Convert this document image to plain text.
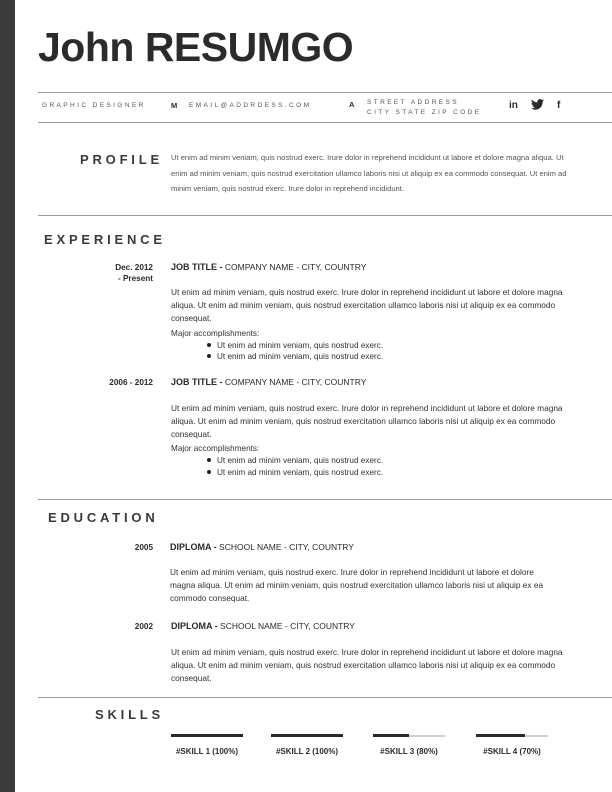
John RESUMGO
GRAPHIC DESIGNER	M EMAIL@ADDRDESS.COM	A STREET ADDRESS
CITY STATE ZIP CODE
in	f
PROFILE Ut enim ad minim veniam, quis nostrud exerc. Irure dolor in reprehend incididunt ut labore et dolore magna aliqua. Ut enim ad minim veniam, quis nostrud exercitation ullamco laboris nisi ut aliquip ex ea commodo consequat. Ut enim ad minim veniam, quis nostrud exerc. Irure dolor in reprehend incididunt.

EXPERIENCE
Dec. 2012
- Present
JOB TITLE - COMPANY NAME - CITY, COUNTRY

Ut enim ad minim veniam, quis nostrud exerc. Irure dolor in reprehend incididunt ut labore et dolore magna aliqua. Ut enim ad minim veniam, quis nostrud exercitation ullamco laboris nisi ut aliquip ex ea commodo consequat.

Major accomplishments:
Ut enim ad minim veniam, quis nostrud exerc.
Ut enim ad minim veniam, quis nostrud exerc.
2006 - 2012 JOB TITLE - COMPANY NAME - CITY, COUNTRY

Ut enim ad minim veniam, quis nostrud exerc. Irure dolor in reprehend incididunt ut labore et dolore magna aliqua. Ut enim ad minim veniam, quis nostrud exercitation ullamco laboris nisi ut aliquip ex ea commodo consequat.

Major accomplishments:
Ut enim ad minim veniam, quis nostrud exerc.
Ut enim ad minim veniam, quis nostrud exerc.
EDUCATION
2005 DIPLOMA - SCHOOL NAME - CITY, COUNTRY

Ut enim ad minim veniam, quis nostrud exerc. Irure dolor in reprehend incididunt ut labore et dolore magna aliqua. Ut enim ad minim veniam, quis nostrud exercitation ullamco laboris nisi ut aliquip ex ea commodo consequat.

2002 DIPLOMA - SCHOOL NAME - CITY, COUNTRY

Ut enim ad minim veniam, quis nostrud exerc. Irure dolor in reprehend incididunt ut labore et dolore magna aliqua. Ut enim ad minim veniam, quis nostrud exercitation ullamco laboris nisi ut aliquip ex ea commodo consequat.

SKILLS
#SKILL 1 (100%)	#SKILL 2 (100%)	#SKILL 3 (80%)	#SKILL 4 (70%)
